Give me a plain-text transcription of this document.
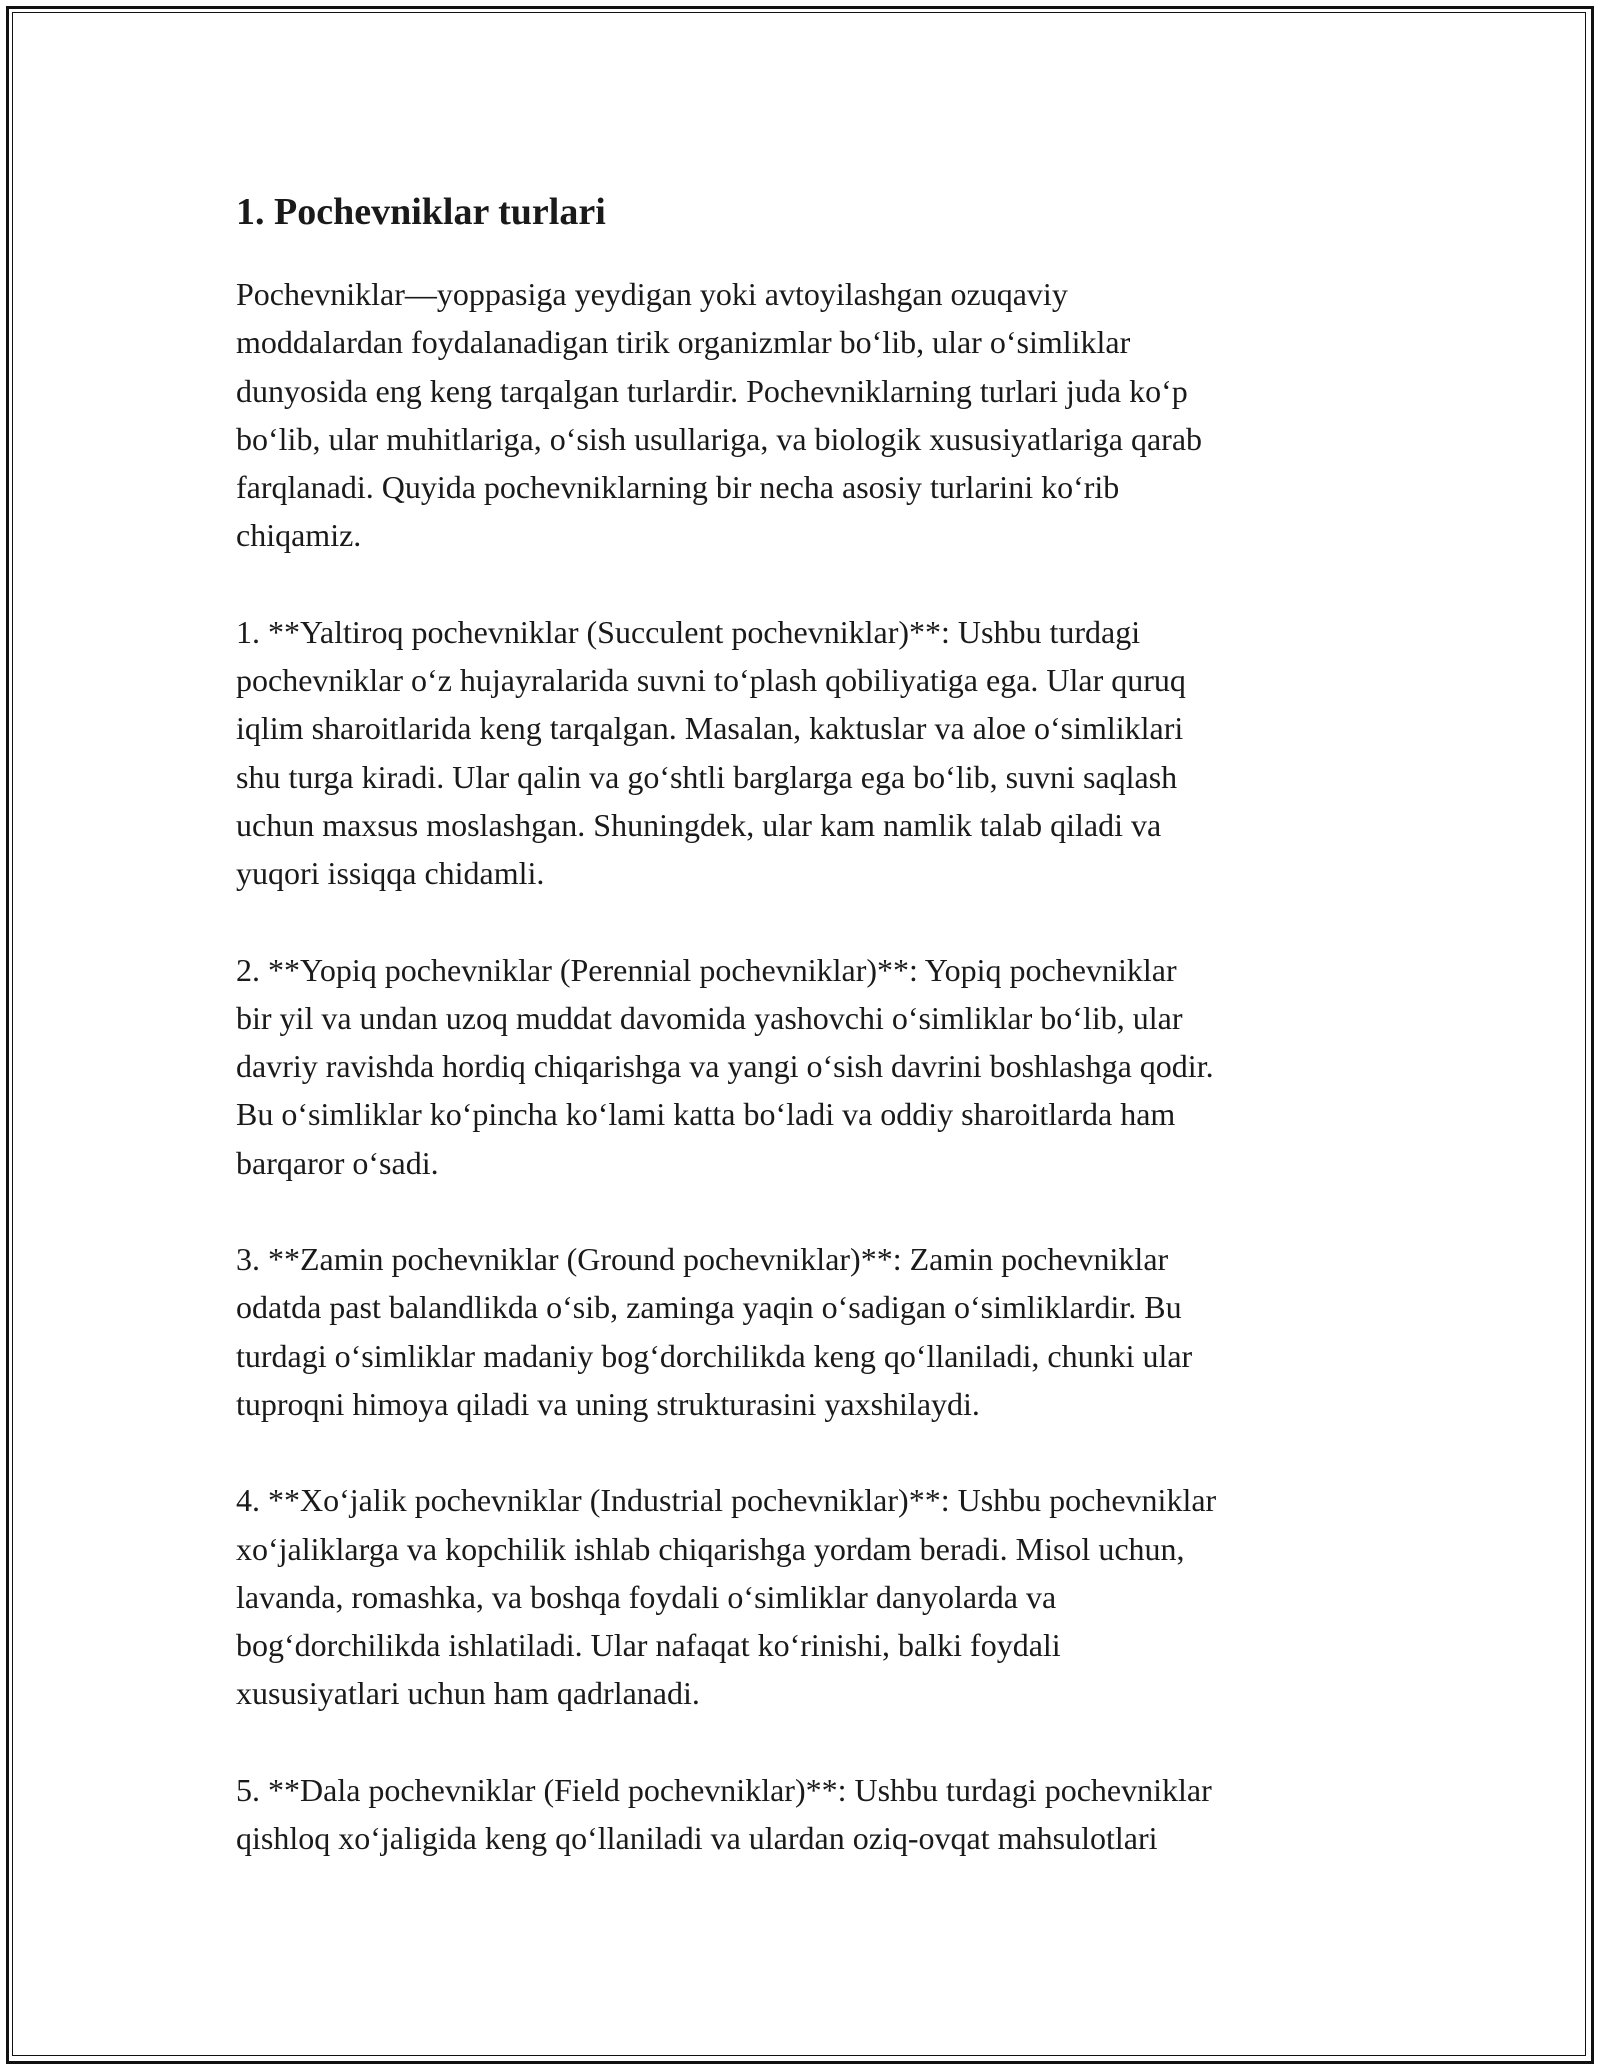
1. Pochevniklar turlari

Pochevniklar—yoppasiga yeydigan yoki avtoyilashgan ozuqaviy
moddalardan foydalanadigan tirik organizmlar bo‘lib, ular o‘simliklar
dunyosida eng keng tarqalgan turlardir. Pochevniklarning turlari juda ko‘p
bo‘lib, ular muhitlariga, o‘sish usullariga, va biologik xususiyatlariga qarab
farqlanadi. Quyida pochevniklarning bir necha asosiy turlarini ko‘rib
chiqamiz.

1. **Yaltiroq pochevniklar (Succulent pochevniklar)**: Ushbu turdagi
pochevniklar o‘z hujayralarida suvni to‘plash qobiliyatiga ega. Ular quruq
iqlim sharoitlarida keng tarqalgan. Masalan, kaktuslar va aloe o‘simliklari
shu turga kiradi. Ular qalin va go‘shtli barglarga ega bo‘lib, suvni saqlash
uchun maxsus moslashgan. Shuningdek, ular kam namlik talab qiladi va
yuqori issiqqa chidamli.

2. **Yopiq pochevniklar (Perennial pochevniklar)**: Yopiq pochevniklar
bir yil va undan uzoq muddat davomida yashovchi o‘simliklar bo‘lib, ular
davriy ravishda hordiq chiqarishga va yangi o‘sish davrini boshlashga qodir.
Bu o‘simliklar ko‘pincha ko‘lami katta bo‘ladi va oddiy sharoitlarda ham
barqaror o‘sadi.

3. **Zamin pochevniklar (Ground pochevniklar)**: Zamin pochevniklar
odatda past balandlikda o‘sib, zaminga yaqin o‘sadigan o‘simliklardir. Bu
turdagi o‘simliklar madaniy bog‘dorchilikda keng qo‘llaniladi, chunki ular
tuproqni himoya qiladi va uning strukturasini yaxshilaydi.

4. **Xo‘jalik pochevniklar (Industrial pochevniklar)**: Ushbu pochevniklar
xo‘jaliklarga va kopchilik ishlab chiqarishga yordam beradi. Misol uchun,
lavanda, romashka, va boshqa foydali o‘simliklar danyolarda va
bog‘dorchilikda ishlatiladi. Ular nafaqat ko‘rinishi, balki foydali
xususiyatlari uchun ham qadrlanadi.

5. **Dala pochevniklar (Field pochevniklar)**: Ushbu turdagi pochevniklar
qishloq xo‘jaligida keng qo‘llaniladi va ulardan oziq-ovqat mahsulotlari
